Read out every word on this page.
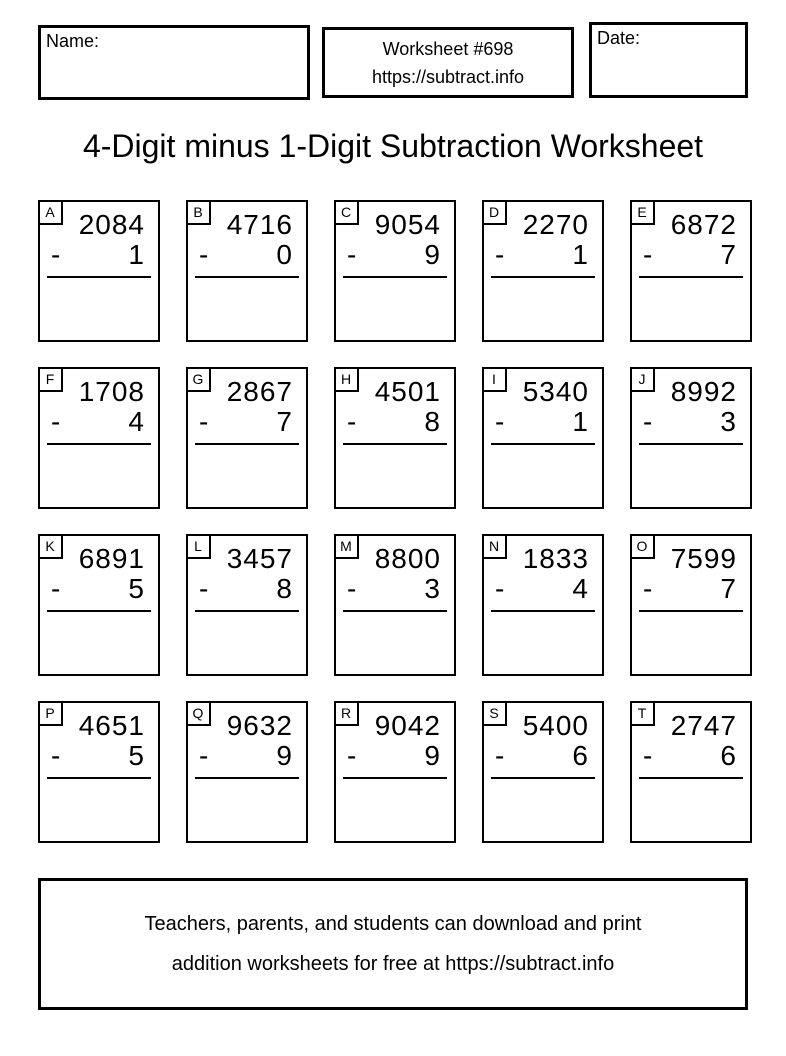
Name:	Worksheet #698
https://subtract.info
Date:
4-Digit minus 1-Digit Subtraction Worksheet
A 2084
- 1
B 4716
- 0
C 9054
- 9
D 2270
- 1
E 6872
- 7
F 1708
- 4
G 2867
- 7
H 4501
- 8
I 5340
- 1
J 8992
- 3
K 6891
- 5
L 3457
- 8
M 8800
- 3
N 1833
- 4
O 7599
- 7
P 4651
- 5
Q 9632
- 9
R 9042
- 9
S 5400
- 6
T 2747
- 6
Teachers, parents, and students can download and print
addition worksheets for free at https://subtract.info
